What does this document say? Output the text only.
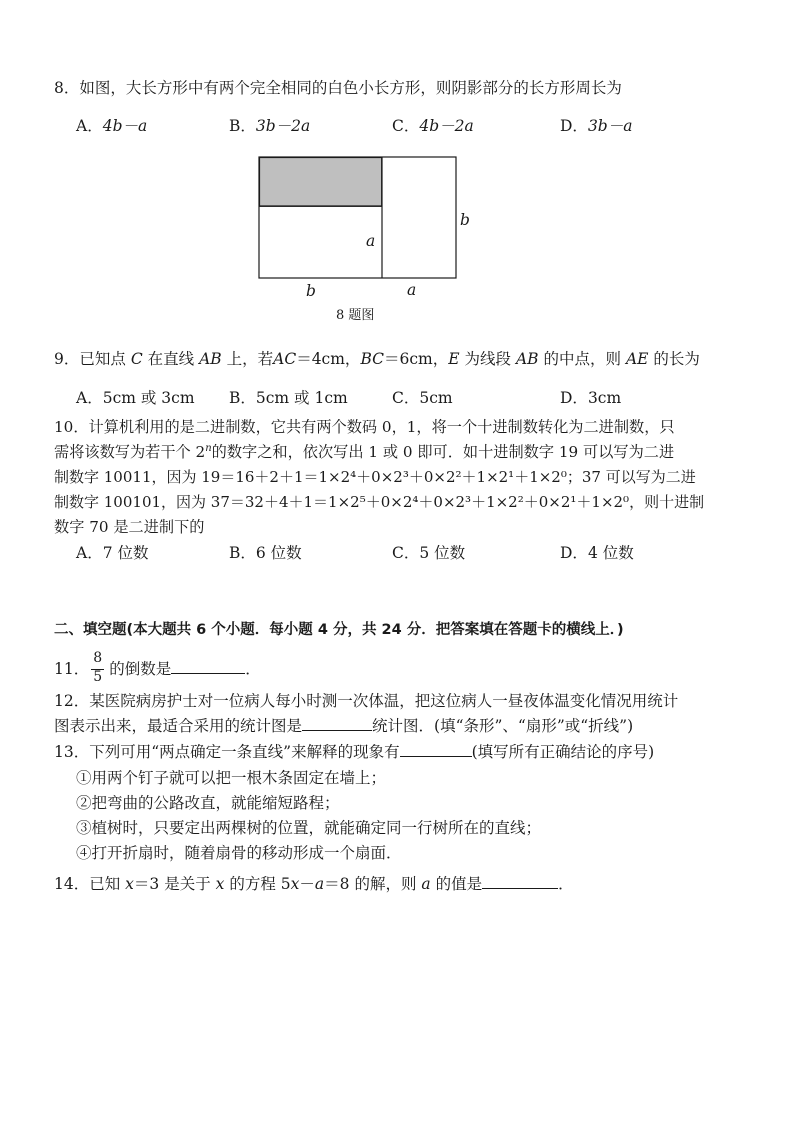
8．如图，大长方形中有两个完全相同的白色小长方形，则阴影部分的长方形周长为
A．4b－a	B．3b－2a	C．4b－2a	D．3b－a
a
b
b	a
8 题图
9．已知点 C 在直线 AB 上，若AC＝4cm，BC＝6cm，E 为线段 AB 的中点，则 AE 的长为
A．5cm 或 3cm B．5cm 或 1cm	C．5cm	D．3cm
10．计算机利用的是二进制数，它共有两个数码 0，1，将一个十进制数转化为二进制数，只
需将该数写为若干个 2$^n$的数字之和，依次写出 1 或 0 即可．如十进制数字 19 可以写为二进
制数字 10011，因为 19＝16＋2＋1＝1×2⁴＋0×2³＋0×2²＋1×2¹＋1×2⁰；37 可以写为二进
制数字 100101，因为 37＝32＋4＋1＝1×2⁵＋0×2⁴＋0×2³＋1×2²＋0×2¹＋1×2⁰，则十进制
数字 70 是二进制下的
A．7 位数	B．6 位数	C．5 位数	D．4 位数
二、填空题(本大题共 6 个小题．每小题 4 分，共 24 分．把答案填在答题卡的横线上．)
11． $\frac{8}{5}$ 的倒数是	．
12．某医院病房护士对一位病人每小时测一次体温，把这位病人一昼夜体温变化情况用统计
图表示出来，最适合采用的统计图是	统计图．(填“条形”、“扇形”或“折线”)
13．下列可用“两点确定一条直线”来解释的现象有	(填写所有正确结论的序号)
①用两个钉子就可以把一根木条固定在墙上；
②把弯曲的公路改直，就能缩短路程；
③植树时，只要定出两棵树的位置，就能确定同一行树所在的直线；
④打开折扇时，随着扇骨的移动形成一个扇面．
14．已知 x＝3 是关于 x 的方程 5x－a＝8 的解，则 a 的值是	．
